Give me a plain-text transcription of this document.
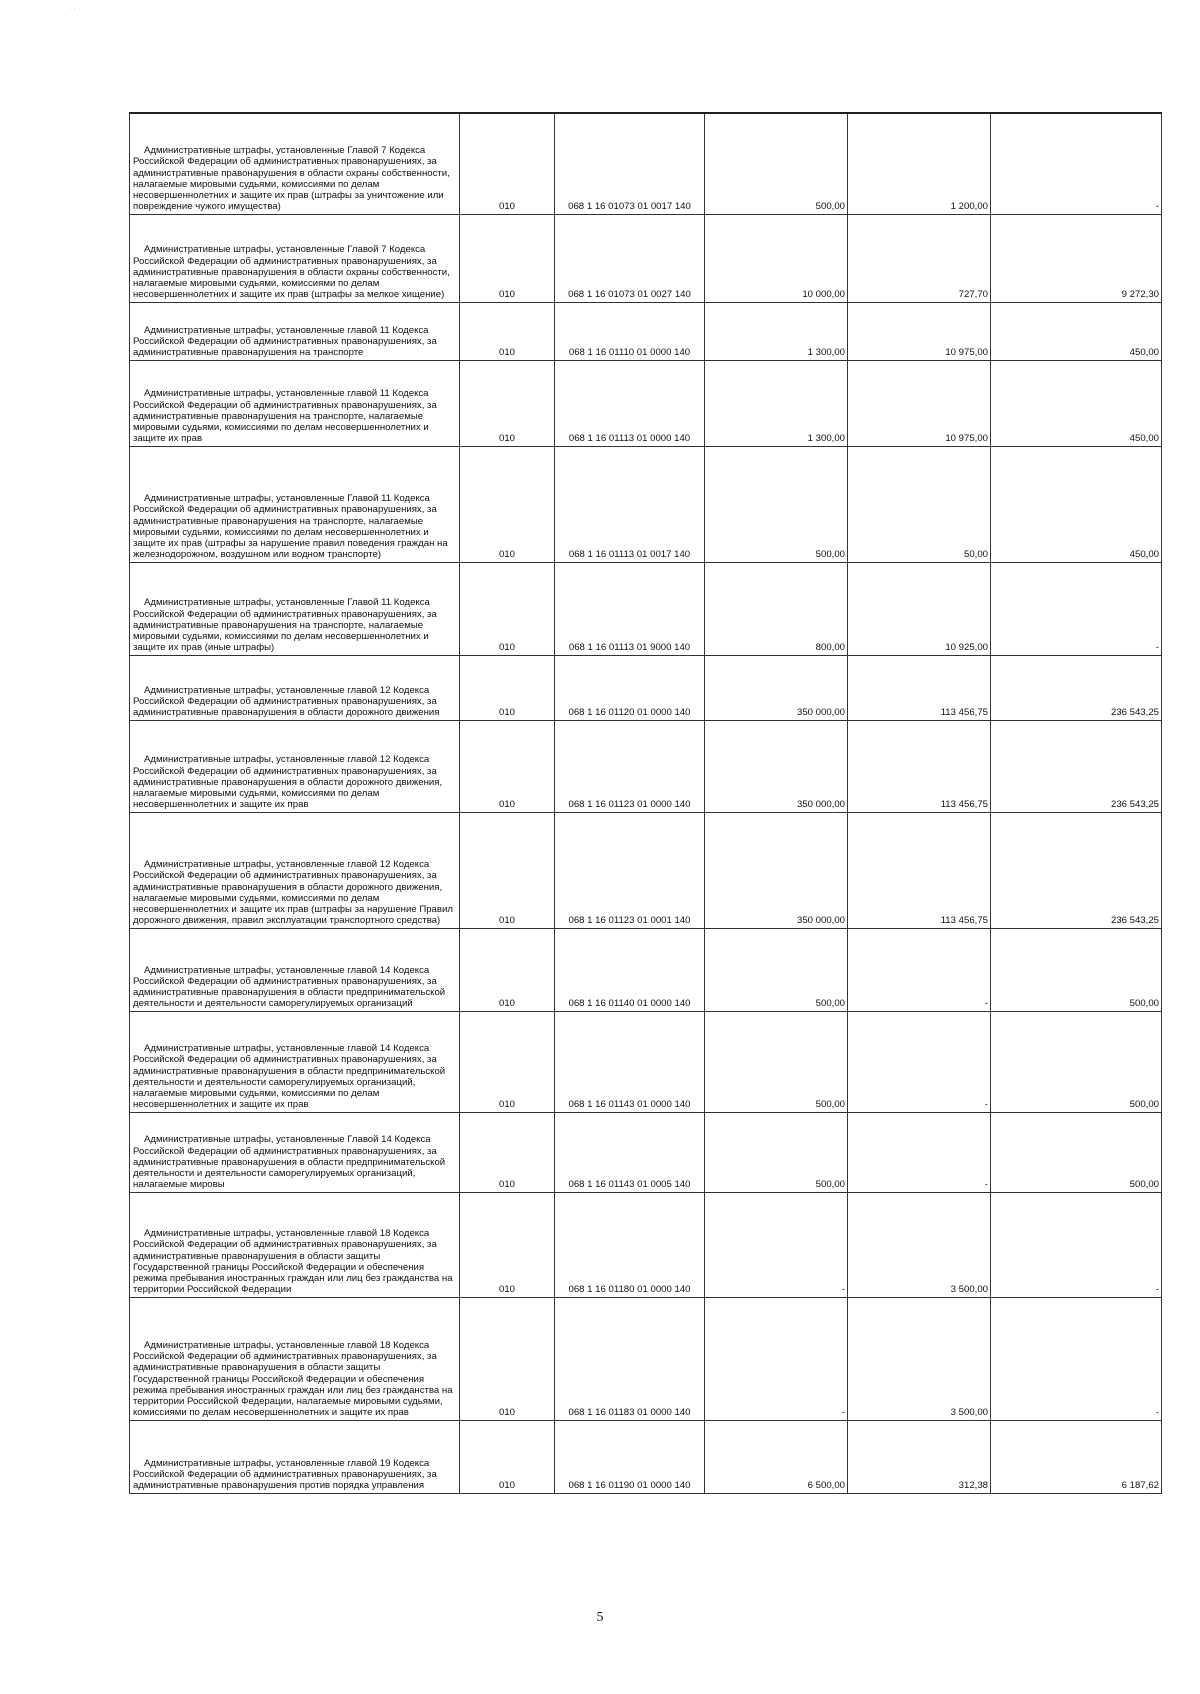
· · ·
Административные штрафы, установленные Главой 7 Кодекса Российской Федерации об административных правонарушениях, за административные правонарушения в области охраны собственности, налагаемые мировыми судьями, комиссиями по делам несовершеннолетних и защите их прав (штрафы за уничтожение или повреждение чужого имущества)	010	068 1 16 01073 01 0017 140	500,00	1 200,00	-

Административные штрафы, установленные Главой 7 Кодекса Российской Федерации об административных правонарушениях, за административные правонарушения в области охраны собственности, налагаемые мировыми судьями, комиссиями по делам несовершеннолетних и защите их прав (штрафы за мелкое хищение)	010	068 1 16 01073 01 0027 140	10 000,00	727,70	9 272,30

Административные штрафы, установленные главой 11 Кодекса Российской Федерации об административных правонарушениях, за административные правонарушения на транспорте	010	068 1 16 01110 01 0000 140	1 300,00	10 975,00	450,00

Административные штрафы, установленные главой 11 Кодекса Российской Федерации об административных правонарушениях, за административные правонарушения на транспорте, налагаемые мировыми судьями, комиссиями по делам несовершеннолетних и защите их прав	010	068 1 16 01113 01 0000 140	1 300,00	10 975,00	450,00

Административные штрафы, установленные Главой 11 Кодекса Российской Федерации об административных правонарушениях, за административные правонарушения на транспорте, налагаемые мировыми судьями, комиссиями по делам несовершеннолетних и защите их прав (штрафы за нарушение правил поведения граждан на железнодорожном, воздушном или водном транспорте)	010	068 1 16 01113 01 0017 140	500,00	50,00	450,00

Административные штрафы, установленные Главой 11 Кодекса Российской Федерации об административных правонарушениях, за административные правонарушения на транспорте, налагаемые мировыми судьями, комиссиями по делам несовершеннолетних и защите их прав (иные штрафы)	010	068 1 16 01113 01 9000 140	800,00	10 925,00	-

Административные штрафы, установленные главой 12 Кодекса Российской Федерации об административных правонарушениях, за административные правонарушения в области дорожного движения	010	068 1 16 01120 01 0000 140	350 000,00	113 456,75	236 543,25

Административные штрафы, установленные главой 12 Кодекса Российской Федерации об административных правонарушениях, за административные правонарушения в области дорожного движения, налагаемые мировыми судьями, комиссиями по делам несовершеннолетних и защите их прав	010	068 1 16 01123 01 0000 140	350 000,00	113 456,75	236 543,25

Административные штрафы, установленные главой 12 Кодекса Российской Федерации об административных правонарушениях, за административные правонарушения в области дорожного движения, налагаемые мировыми судьями, комиссиями по делам несовершеннолетних и защите их прав (штрафы за нарушение Правил дорожного движения, правил эксплуатации транспортного средства)	010	068 1 16 01123 01 0001 140	350 000,00	113 456,75	236 543,25

Административные штрафы, установленные главой 14 Кодекса Российской Федерации об административных правонарушениях, за административные правонарушения в области предпринимательской деятельности и деятельности саморегулируемых организаций	010	068 1 16 01140 01 0000 140	500,00	-	500,00

Административные штрафы, установленные главой 14 Кодекса Российской Федерации об административных правонарушениях, за административные правонарушения в области предпринимательской деятельности и деятельности саморегулируемых организаций, налагаемые мировыми судьями, комиссиями по делам несовершеннолетних и защите их прав	010	068 1 16 01143 01 0000 140	500,00	-	500,00

Административные штрафы, установленные Главой 14 Кодекса Российской Федерации об административных правонарушениях, за административные правонарушения в области предпринимательской деятельности и деятельности саморегулируемых организаций, налагаемые мировы	010	068 1 16 01143 01 0005 140	500,00	-	500,00

Административные штрафы, установленные главой 18 Кодекса Российской Федерации об административных правонарушениях, за административные правонарушения в области защиты Государственной границы Российской Федерации и обеспечения режима пребывания иностранных граждан или лиц без гражданства на территории Российской Федерации	010	068 1 16 01180 01 0000 140	-	3 500,00	-

Административные штрафы, установленные главой 18 Кодекса Российской Федерации об административных правонарушениях, за административные правонарушения в области защиты Государственной границы Российской Федерации и обеспечения режима пребывания иностранных граждан или лиц без гражданства на территории Российской Федерации, налагаемые мировыми судьями, комиссиями по делам несовершеннолетних и защите их прав	010	068 1 16 01183 01 0000 140	-	3 500,00	-

Административные штрафы, установленные главой 19 Кодекса Российской Федерации об административных правонарушениях, за административные правонарушения против порядка управления	010	068 1 16 01190 01 0000 140	6 500,00	312,38	6 187,62
5
